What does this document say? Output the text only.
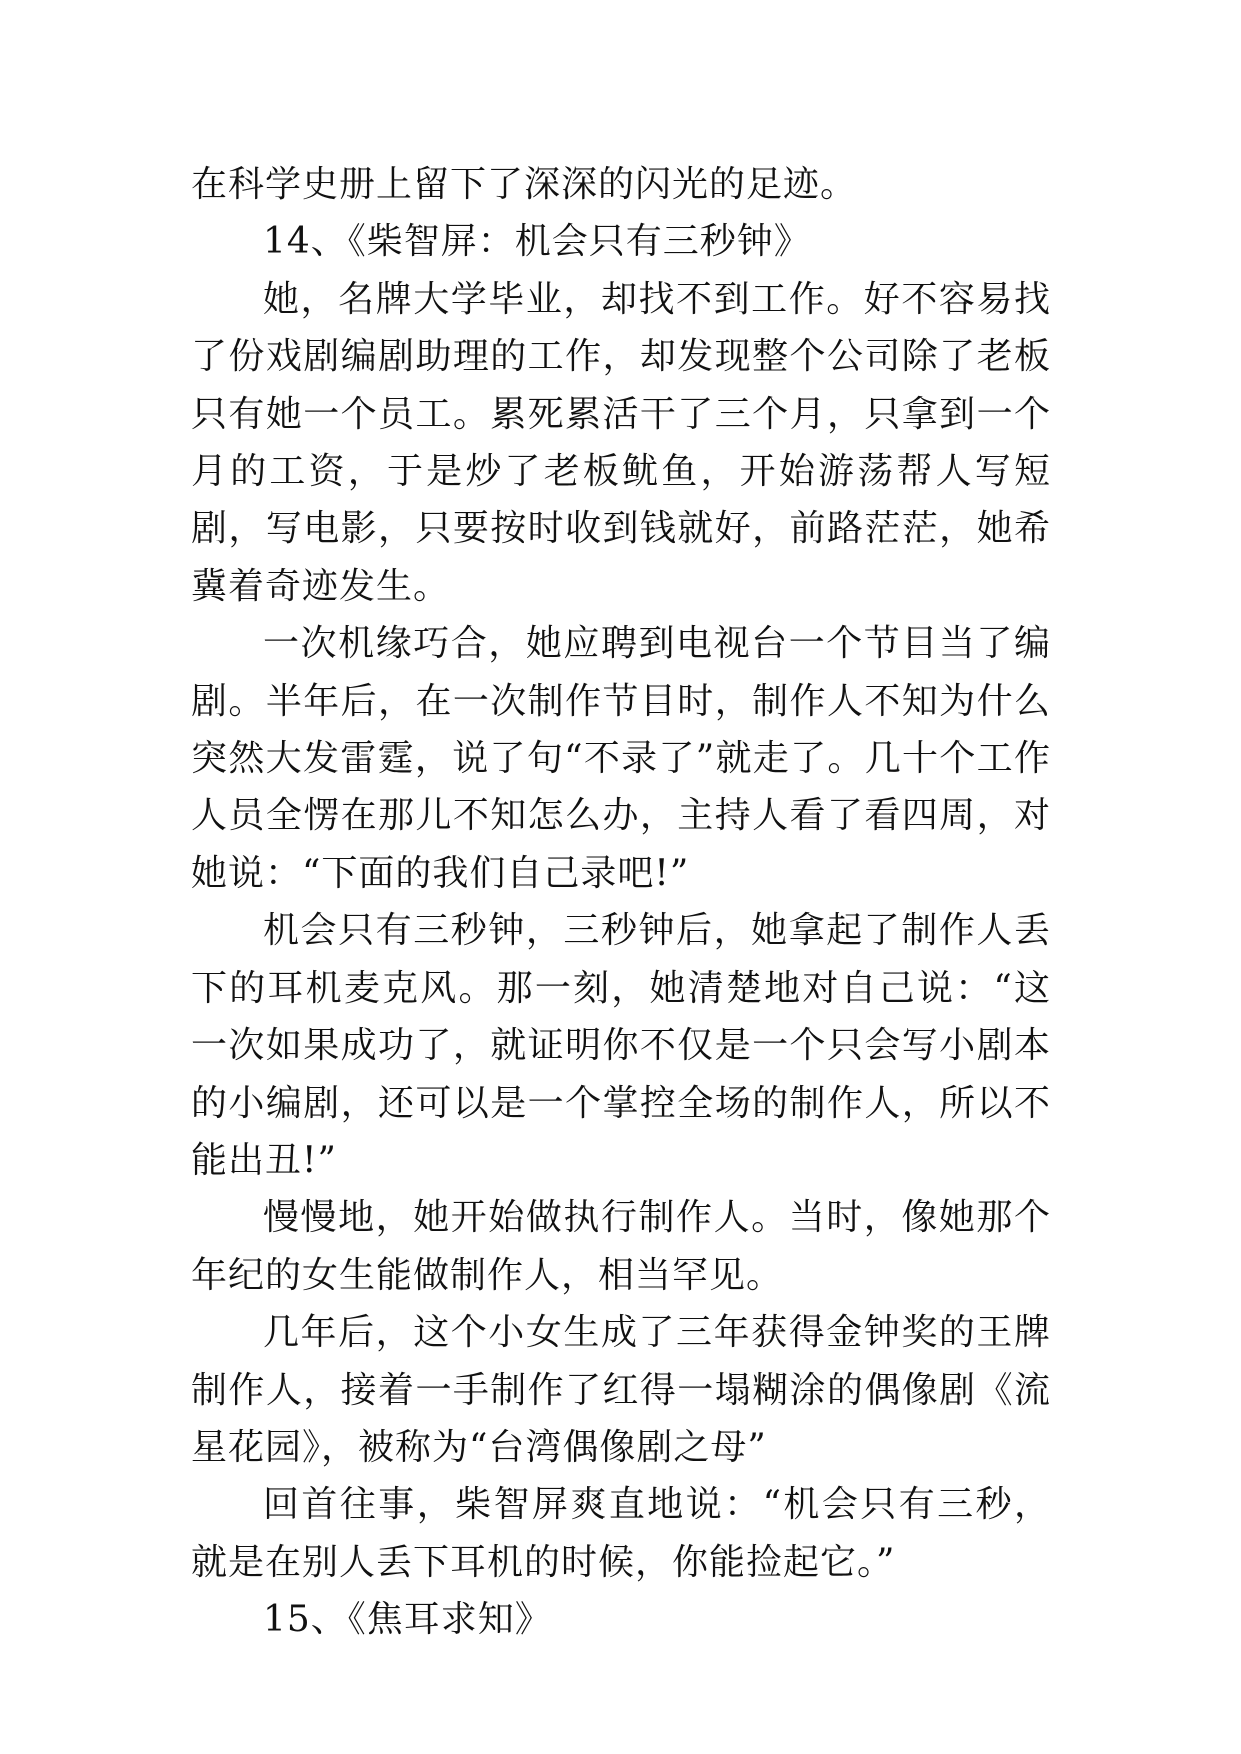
在科学史册上留下了深深的闪光的足迹。

14、《柴智屏：机会只有三秒钟》

她，名牌大学毕业，却找不到工作。好不容易找了份戏剧编剧助理的工作，却发现整个公司除了老板只有她一个员工。累死累活干了三个月，只拿到一个月的工资，于是炒了老板鱿鱼，开始游荡帮人写短剧，写电影，只要按时收到钱就好，前路茫茫，她希冀着奇迹发生。

一次机缘巧合，她应聘到电视台一个节目当了编剧。半年后，在一次制作节目时，制作人不知为什么突然大发雷霆，说了句“不录了”就走了。几十个工作人员全愣在那儿不知怎么办，主持人看了看四周，对她说：“下面的我们自己录吧!”

机会只有三秒钟，三秒钟后，她拿起了制作人丢下的耳机麦克风。那一刻，她清楚地对自己说：“这一次如果成功了，就证明你不仅是一个只会写小剧本的小编剧，还可以是一个掌控全场的制作人，所以不能出丑!”

慢慢地，她开始做执行制作人。当时，像她那个年纪的女生能做制作人，相当罕见。

几年后，这个小女生成了三年获得金钟奖的王牌制作人，接着一手制作了红得一塌糊涂的偶像剧《流星花园》，被称为“台湾偶像剧之母”

回首往事，柴智屏爽直地说：“机会只有三秒，就是在别人丢下耳机的时候，你能捡起它。”

15、《焦耳求知》
